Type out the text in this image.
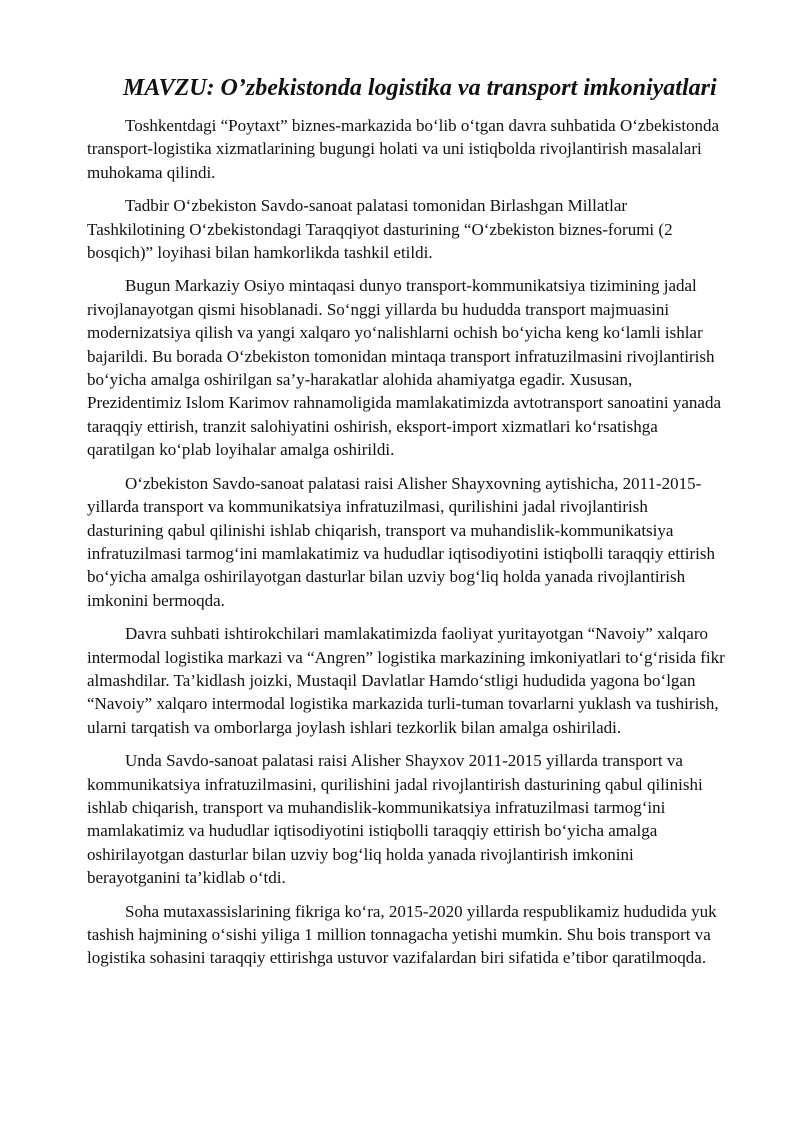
MAVZU: O’zbekistonda logistika va transport imkoniyatlari

Toshkentdagi “Poytaxt” biznes-markazida bo‘lib o‘tgan davra suhbatida O‘zbekistonda transport-logistika xizmatlarining bugungi holati va uni istiqbolda rivojlantirish masalalari muhokama qilindi.

Tadbir O‘zbekiston Savdo-sanoat palatasi tomonidan Birlashgan Millatlar Tashkilotining O‘zbekistondagi Taraqqiyot dasturining “O‘zbekiston biznes-forumi (2 bosqich)” loyihasi bilan hamkorlikda tashkil etildi.

Bugun Markaziy Osiyo mintaqasi dunyo transport-kommunikatsiya tizimining jadal rivojlanayotgan qismi hisoblanadi. So‘nggi yillarda bu hududda transport majmuasini modernizatsiya qilish va yangi xalqaro yo‘nalishlarni ochish bo‘yicha keng ko‘lamli ishlar bajarildi. Bu borada O‘zbekiston tomonidan mintaqa transport infratuzilmasini rivojlantirish bo‘yicha amalga oshirilgan sa’y-harakatlar alohida ahamiyatga egadir. Xususan, Prezidentimiz Islom Karimov rahnamoligida mamlakatimizda avtotransport sanoatini yanada taraqqiy ettirish, tranzit salohiyatini oshirish, eksport-import xizmatlari ko‘rsatishga qaratilgan ko‘plab loyihalar amalga oshirildi.

O‘zbekiston Savdo-sanoat palatasi raisi Alisher Shayxovning aytishicha, 2011-2015-yillarda transport va kommunikatsiya infratuzilmasi, qurilishini jadal rivojlantirish dasturining qabul qilinishi ishlab chiqarish, transport va muhandislik-kommunikatsiya infratuzilmasi tarmog‘ini mamlakatimiz va hududlar iqtisodiyotini istiqbolli taraqqiy ettirish bo‘yicha amalga oshirilayotgan dasturlar bilan uzviy bog‘liq holda yanada rivojlantirish imkonini bermoqda.

Davra suhbati ishtirokchilari mamlakatimizda faoliyat yuritayotgan “Navoiy” xalqaro intermodal logistika markazi va “Angren” logistika markazining imkoniyatlari to‘g‘risida fikr almashdilar. Ta’kidlash joizki, Mustaqil Davlatlar Hamdo‘stligi hududida yagona bo‘lgan “Navoiy” xalqaro intermodal logistika markazida turli-tuman tovarlarni yuklash va tushirish, ularni tarqatish va omborlarga joylash ishlari tezkorlik bilan amalga oshiriladi.

Unda Savdo-sanoat palatasi raisi Alisher Shayxov 2011-2015 yillarda transport va kommunikatsiya infratuzilmasini, qurilishini jadal rivojlantirish dasturining qabul qilinishi ishlab chiqarish, transport va muhandislik-kommunikatsiya infratuzilmasi tarmog‘ini mamlakatimiz va hududlar iqtisodiyotini istiqbolli taraqqiy ettirish bo‘yicha amalga oshirilayotgan dasturlar bilan uzviy bog‘liq holda yanada rivojlantirish imkonini berayotganini ta’kidlab o‘tdi.

Soha mutaxassislarining fikriga ko‘ra, 2015-2020 yillarda respublikamiz hududida yuk tashish hajmining o‘sishi yiliga 1 million tonnagacha yetishi mumkin. Shu bois transport va logistika sohasini taraqqiy ettirishga ustuvor vazifalardan biri sifatida e’tibor qaratilmoqda.
